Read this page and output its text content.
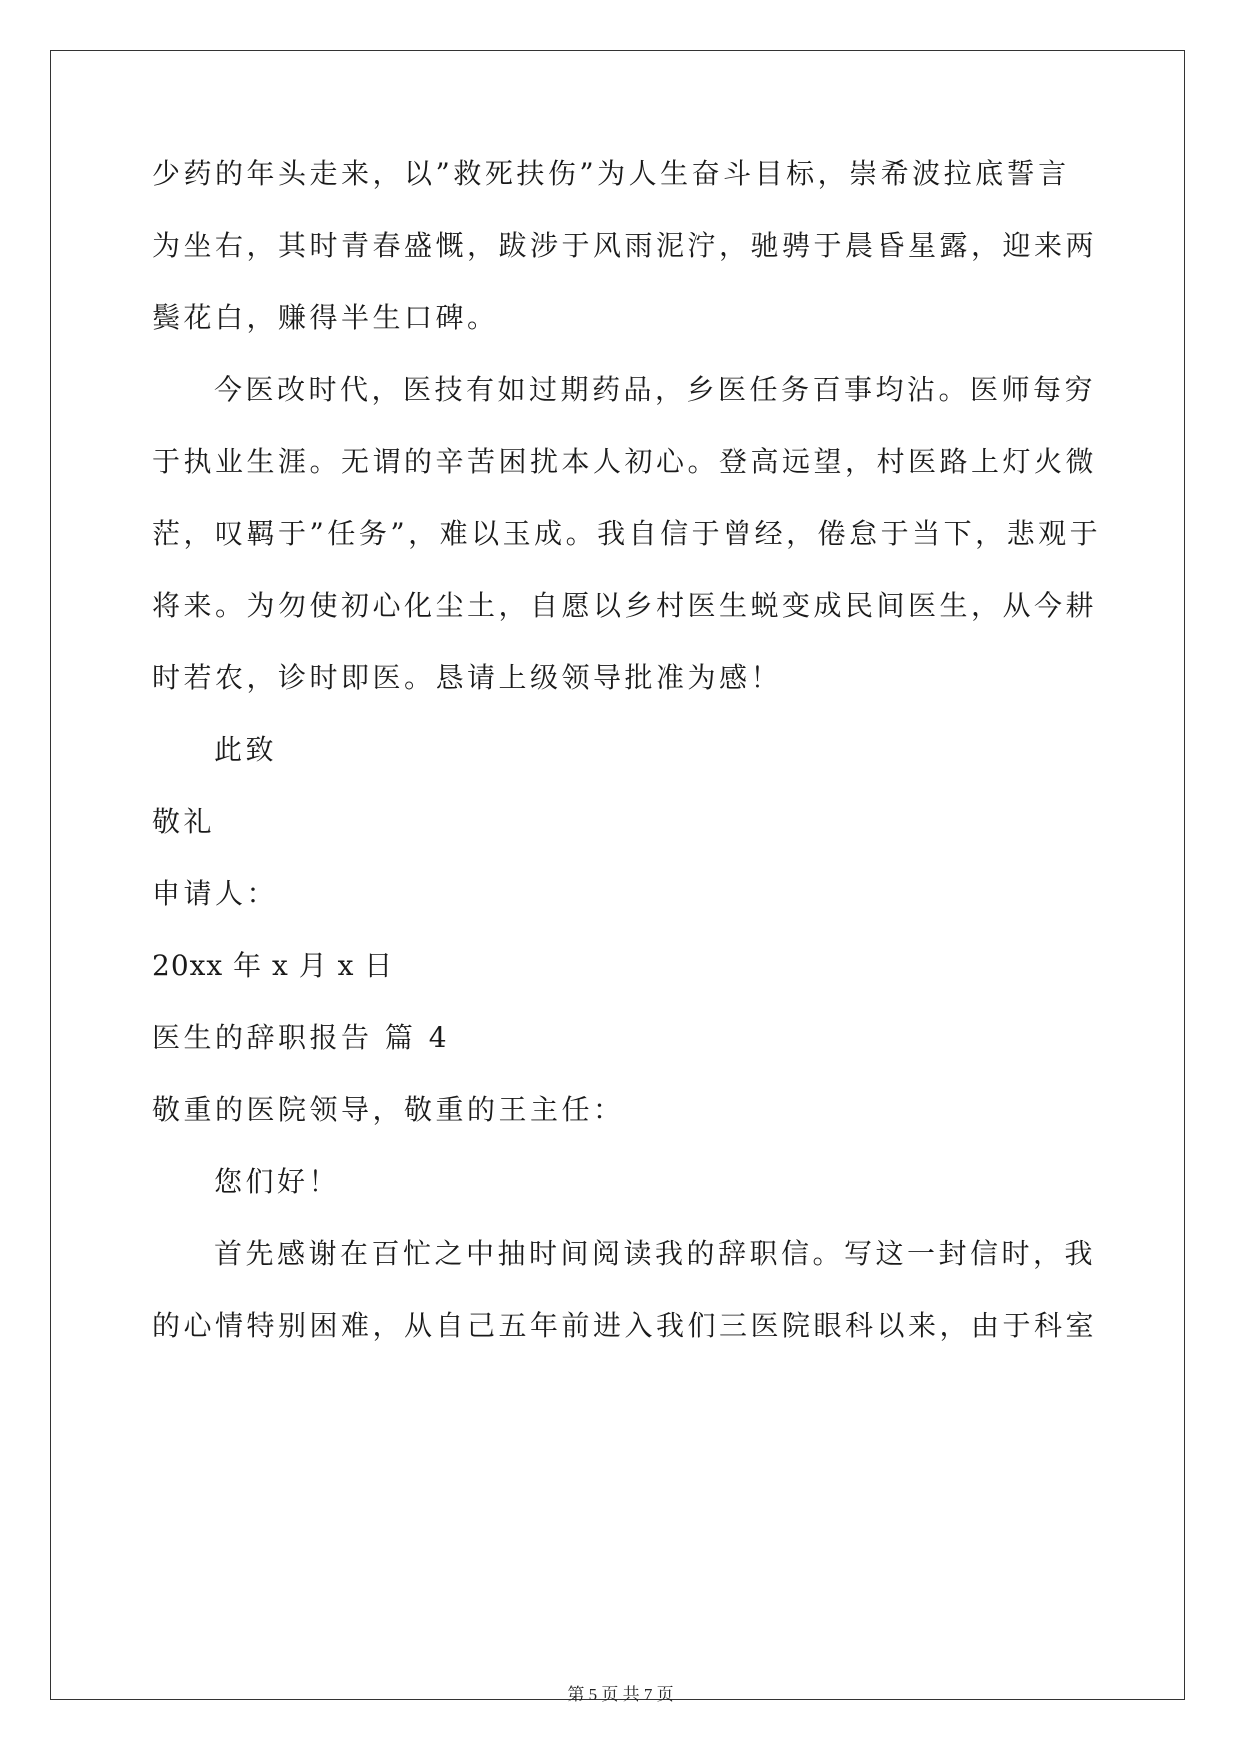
少药的年头走来，以”救死扶伤”为人生奋斗目标，崇希波拉底誓言
为坐右，其时青春盛慨，跋涉于风雨泥泞，驰骋于晨昏星露，迎来两
鬓花白，赚得半生口碑。
今医改时代，医技有如过期药品，乡医任务百事均沾。医师每穷
于执业生涯。无谓的辛苦困扰本人初心。登高远望，村医路上灯火微
茫，叹羁于”任务”，难以玉成。我自信于曾经，倦怠于当下，悲观于
将来。为勿使初心化尘土，自愿以乡村医生蜕变成民间医生，从今耕
时若农，诊时即医。恳请上级领导批准为感！
此致
敬礼
申请人：
20xx 年 x 月 x 日
医生的辞职报告 篇 4
敬重的医院领导，敬重的王主任：
您们好！
首先感谢在百忙之中抽时间阅读我的辞职信。写这一封信时，我
的心情特别困难，从自己五年前进入我们三医院眼科以来，由于科室
第 5 页 共 7 页
